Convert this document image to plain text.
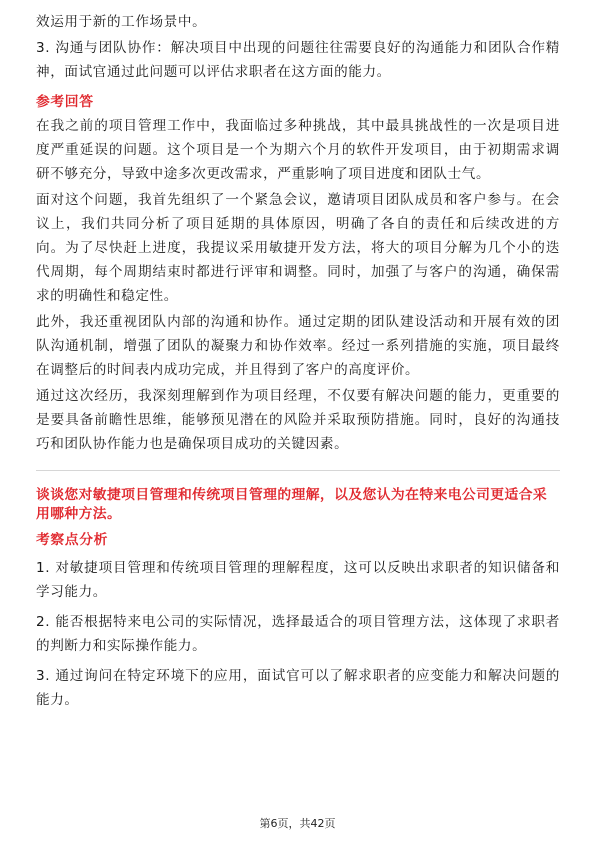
效运用于新的工作场景中。

3. 沟通与团队协作：解决项目中出现的问题往往需要良好的沟通能力和团队合作精神，面试官通过此问题可以评估求职者在这方面的能力。

参考回答

在我之前的项目管理工作中，我面临过多种挑战，其中最具挑战性的一次是项目进度严重延误的问题。这个项目是一个为期六个月的软件开发项目，由于初期需求调研不够充分，导致中途多次更改需求，严重影响了项目进度和团队士气。

面对这个问题，我首先组织了一个紧急会议，邀请项目团队成员和客户参与。在会议上，我们共同分析了项目延期的具体原因，明确了各自的责任和后续改进的方向。为了尽快赶上进度，我提议采用敏捷开发方法，将大的项目分解为几个小的迭代周期，每个周期结束时都进行评审和调整。同时，加强了与客户的沟通，确保需求的明确性和稳定性。

此外，我还重视团队内部的沟通和协作。通过定期的团队建设活动和开展有效的团队沟通机制，增强了团队的凝聚力和协作效率。经过一系列措施的实施，项目最终在调整后的时间表内成功完成，并且得到了客户的高度评价。

通过这次经历，我深刻理解到作为项目经理，不仅要有解决问题的能力，更重要的是要具备前瞻性思维，能够预见潜在的风险并采取预防措施。同时，良好的沟通技巧和团队协作能力也是确保项目成功的关键因素。

谈谈您对敏捷项目管理和传统项目管理的理解，以及您认为在特来电公司更适合采用哪种方法。

考察点分析

1. 对敏捷项目管理和传统项目管理的理解程度，这可以反映出求职者的知识储备和学习能力。

2. 能否根据特来电公司的实际情况，选择最适合的项目管理方法，这体现了求职者的判断力和实际操作能力。

3. 通过询问在特定环境下的应用，面试官可以了解求职者的应变能力和解决问题的能力。

第6页，共42页
